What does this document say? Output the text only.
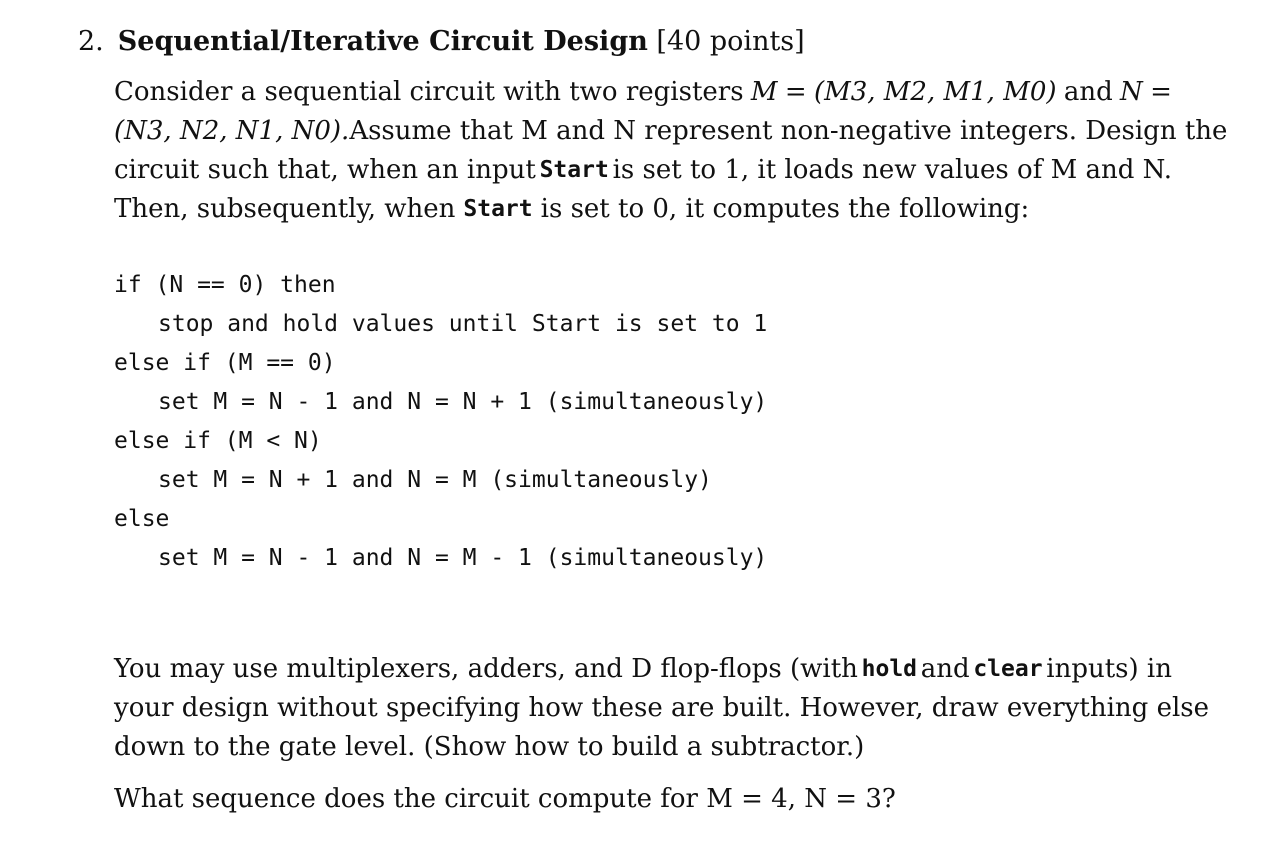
2. Sequential/Iterative Circuit Design [40 points]
Consider a sequential circuit with two registers M = (M3, M2, M1, M0) and N =
(N3, N2, N1, N0). Assume that M and N represent non-negative integers. Design the
circuit such that, when an input Start is set to 1, it loads new values of M and N.
Then, subsequently, when Start is set to 0, it computes the following:
if (N == 0) then
stop and hold values until Start is set to 1
else if (M == 0)
set M = N - 1 and N = N + 1 (simultaneously)
else if (M < N)
set M = N + 1 and N = M (simultaneously)
else
set M = N - 1 and N = M - 1 (simultaneously)
You may use multiplexers, adders, and D flop-flops (with hold and clear inputs) in
your design without specifying how these are built. However, draw everything else
down to the gate level. (Show how to build a subtractor.)
What sequence does the circuit compute for M = 4, N = 3?
